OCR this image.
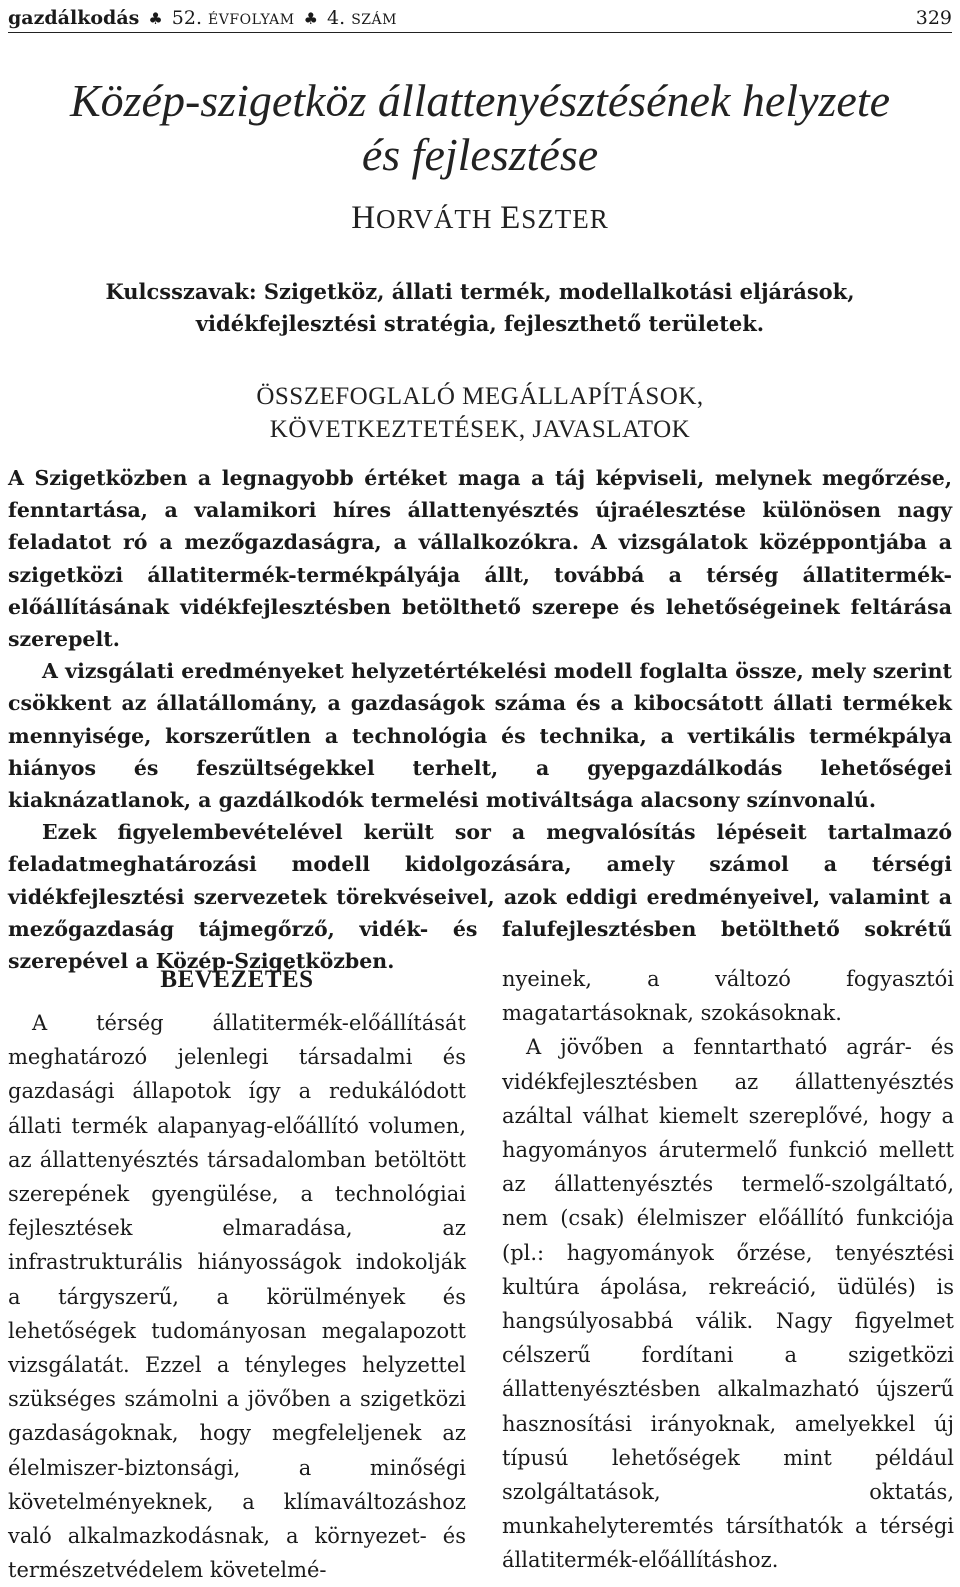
gazdálkodás ♣ 52. ÉVFOLYAM ♣ 4. SZÁM	329
Közép-szigetköz állattenyésztésének helyzete
és fejlesztése
HORVÁTH ESZTER
Kulcsszavak: Szigetköz, állati termék, modellalkotási eljárások, vidékfejlesztési stratégia, fejleszthető területek.
ÖSSZEFOGLALÓ MEGÁLLAPÍTÁSOK,
KÖVETKEZTETÉSEK, JAVASLATOK

A Szigetközben a legnagyobb értéket maga a táj képviseli, melynek megőrzése, fenntartása, a valamikori híres állattenyésztés újraélesztése különösen nagy feladatot ró a mezőgazdaságra, a vállalkozókra. A vizsgálatok középpontjába a szigetközi állatitermék-termékpályája állt, továbbá a térség állatitermék-előállításának vidékfejlesztésben betölthető szerepe és lehetőségeinek feltárása szerepelt.

A vizsgálati eredményeket helyzetértékelési modell foglalta össze, mely szerint csökkent az állatállomány, a gazdaságok száma és a kibocsátott állati termékek mennyisége, korszerűtlen a technológia és technika, a vertikális termékpálya hiányos és feszültségekkel terhelt, a gyepgazdálkodás lehetőségei kiaknázatlanok, a gazdálkodók termelési motiváltsága alacsony színvonalú.

Ezek figyelembevételével került sor a megvalósítás lépéseit tartalmazó feladatmeghatározási modell kidolgozására, amely számol a térségi vidékfejlesztési szervezetek törekvéseivel, azok eddigi eredményeivel, valamint a mezőgazdaság tájmegőrző, vidék- és falufejlesztésben betölthető sokrétű szerepével a Közép-Szigetközben.

BEVEZETÉS

A térség állatitermék-előállítását meghatározó jelenlegi társadalmi és gazdasági állapotok így a redukálódott állati termék alapanyag-előállító volumen, az állattenyésztés társadalomban betöltött szerepének gyengülése, a technológiai fejlesztések elmaradása, az infrastrukturális hiányosságok indokolják a tárgyszerű, a körülmények és lehetőségek tudományosan megalapozott vizsgálatát. Ezzel a tényleges helyzettel szükséges számolni a jövőben a szigetközi gazdaságoknak, hogy megfeleljenek az élelmiszer-biztonsági, a minőségi követelményeknek, a klímaváltozáshoz való alkalmazkodásnak, a környezet- és természetvédelem követelmé-

nyeinek, a változó fogyasztói magatartásoknak, szokásoknak.

A jövőben a fenntartható agrár- és vidékfejlesztésben az állattenyésztés azáltal válhat kiemelt szereplővé, hogy a hagyományos árutermelő funkció mellett az állattenyésztés termelő-szolgáltató, nem (csak) élelmiszer előállító funkciója (pl.: hagyományok őrzése, tenyésztési kultúra ápolása, rekreáció, üdülés) is hangsúlyosabbá válik. Nagy figyelmet célszerű fordítani a szigetközi állattenyésztésben alkalmazható újszerű hasznosítási irányoknak, amelyekkel új típusú lehetőségek mint például szolgáltatások, oktatás, munkahelyteremtés társíthatók a térségi állatitermék-előállításhoz.
